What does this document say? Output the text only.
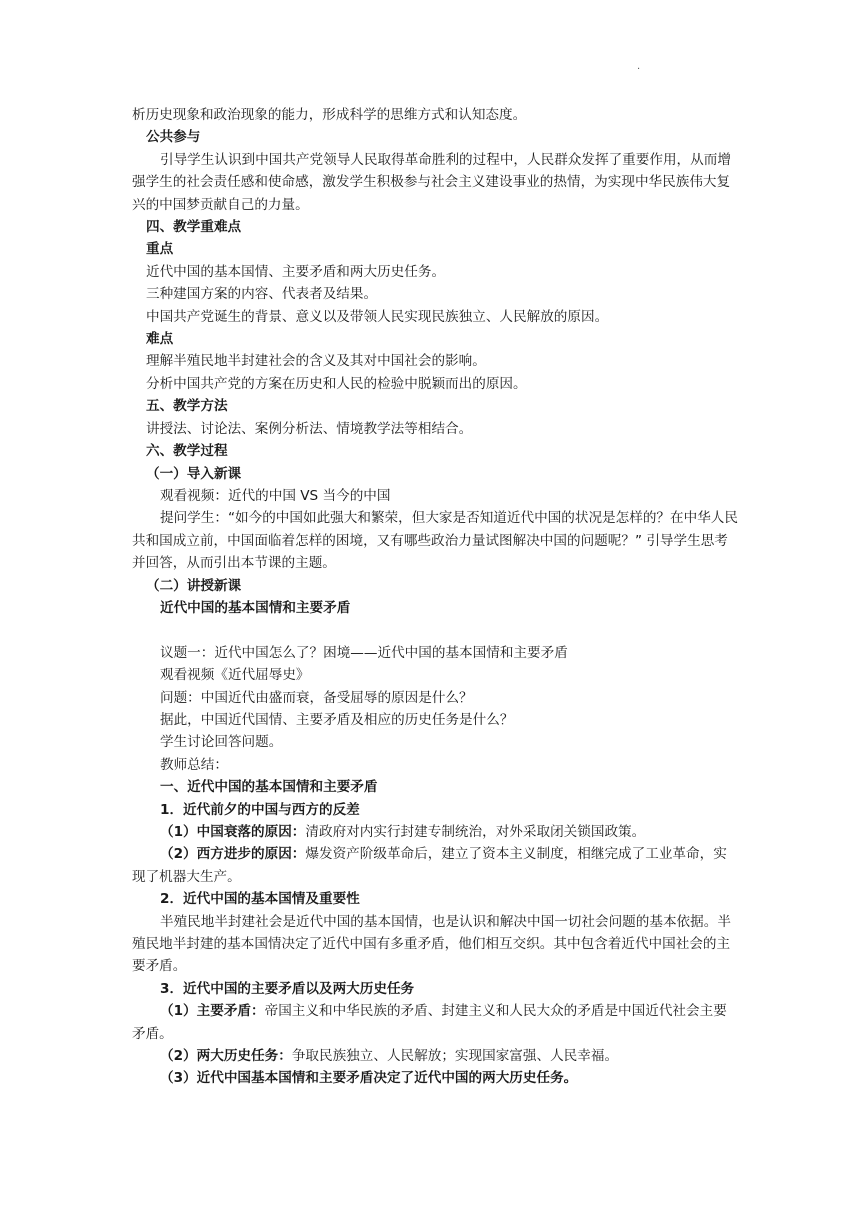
·

析历史现象和政治现象的能力，形成科学的思维方式和认知态度。

公共参与

引导学生认识到中国共产党领导人民取得革命胜利的过程中，人民群众发挥了重要作用，从而增强学生的社会责任感和使命感，激发学生积极参与社会主义建设事业的热情，为实现中华民族伟大复兴的中国梦贡献自己的力量。

四、教学重难点

重点

近代中国的基本国情、主要矛盾和两大历史任务。

三种建国方案的内容、代表者及结果。

中国共产党诞生的背景、意义以及带领人民实现民族独立、人民解放的原因。

难点

理解半殖民地半封建社会的含义及其对中国社会的影响。

分析中国共产党的方案在历史和人民的检验中脱颖而出的原因。

五、教学方法

讲授法、讨论法、案例分析法、情境教学法等相结合。

六、教学过程

（一）导入新课

观看视频：近代的中国 VS 当今的中国

提问学生：“如今的中国如此强大和繁荣，但大家是否知道近代中国的状况是怎样的？在中华人民共和国成立前，中国面临着怎样的困境，又有哪些政治力量试图解决中国的问题呢？” 引导学生思考并回答，从而引出本节课的主题。

（二）讲授新课

近代中国的基本国情和主要矛盾

议题一：近代中国怎么了？困境——近代中国的基本国情和主要矛盾

观看视频《近代屈辱史》

问题：中国近代由盛而衰，备受屈辱的原因是什么？

据此，中国近代国情、主要矛盾及相应的历史任务是什么？

学生讨论回答问题。

教师总结：

一、近代中国的基本国情和主要矛盾

1．近代前夕的中国与西方的反差

（1）中国衰落的原因：清政府对内实行封建专制统治，对外采取闭关锁国政策。

（2）西方进步的原因：爆发资产阶级革命后，建立了资本主义制度，相继完成了工业革命，实现了机器大生产。

2．近代中国的基本国情及重要性

半殖民地半封建社会是近代中国的基本国情，也是认识和解决中国一切社会问题的基本依据。半殖民地半封建的基本国情决定了近代中国有多重矛盾，他们相互交织。其中包含着近代中国社会的主要矛盾。

3．近代中国的主要矛盾以及两大历史任务

（1）主要矛盾：帝国主义和中华民族的矛盾、封建主义和人民大众的矛盾是中国近代社会主要矛盾。

（2）两大历史任务：争取民族独立、人民解放；实现国家富强、人民幸福。

（3）近代中国基本国情和主要矛盾决定了近代中国的两大历史任务。
